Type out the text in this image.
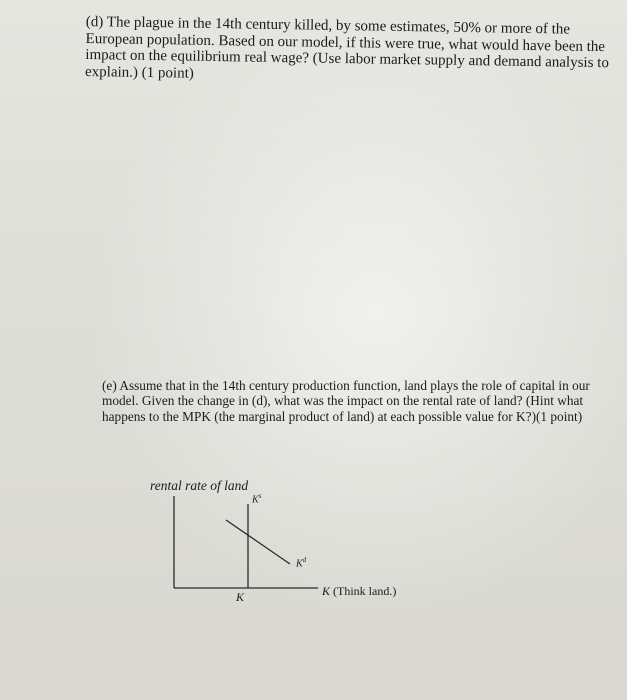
(d) The plague in the 14th century killed, by some estimates, 50% or more of the European population. Based on our model, if this were true, what would have been the impact on the equilibrium real wage? (Use labor market supply and demand analysis to explain.) (1 point)

(e) Assume that in the 14th century production function, land plays the role of capital in our model. Given the change in (d), what was the impact on the rental rate of land? (Hint what happens to the MPK (the marginal product of land) at each possible value for K?)(1 point)

rental rate of land
$K^s$
$K^d$
K	K (Think land.)
